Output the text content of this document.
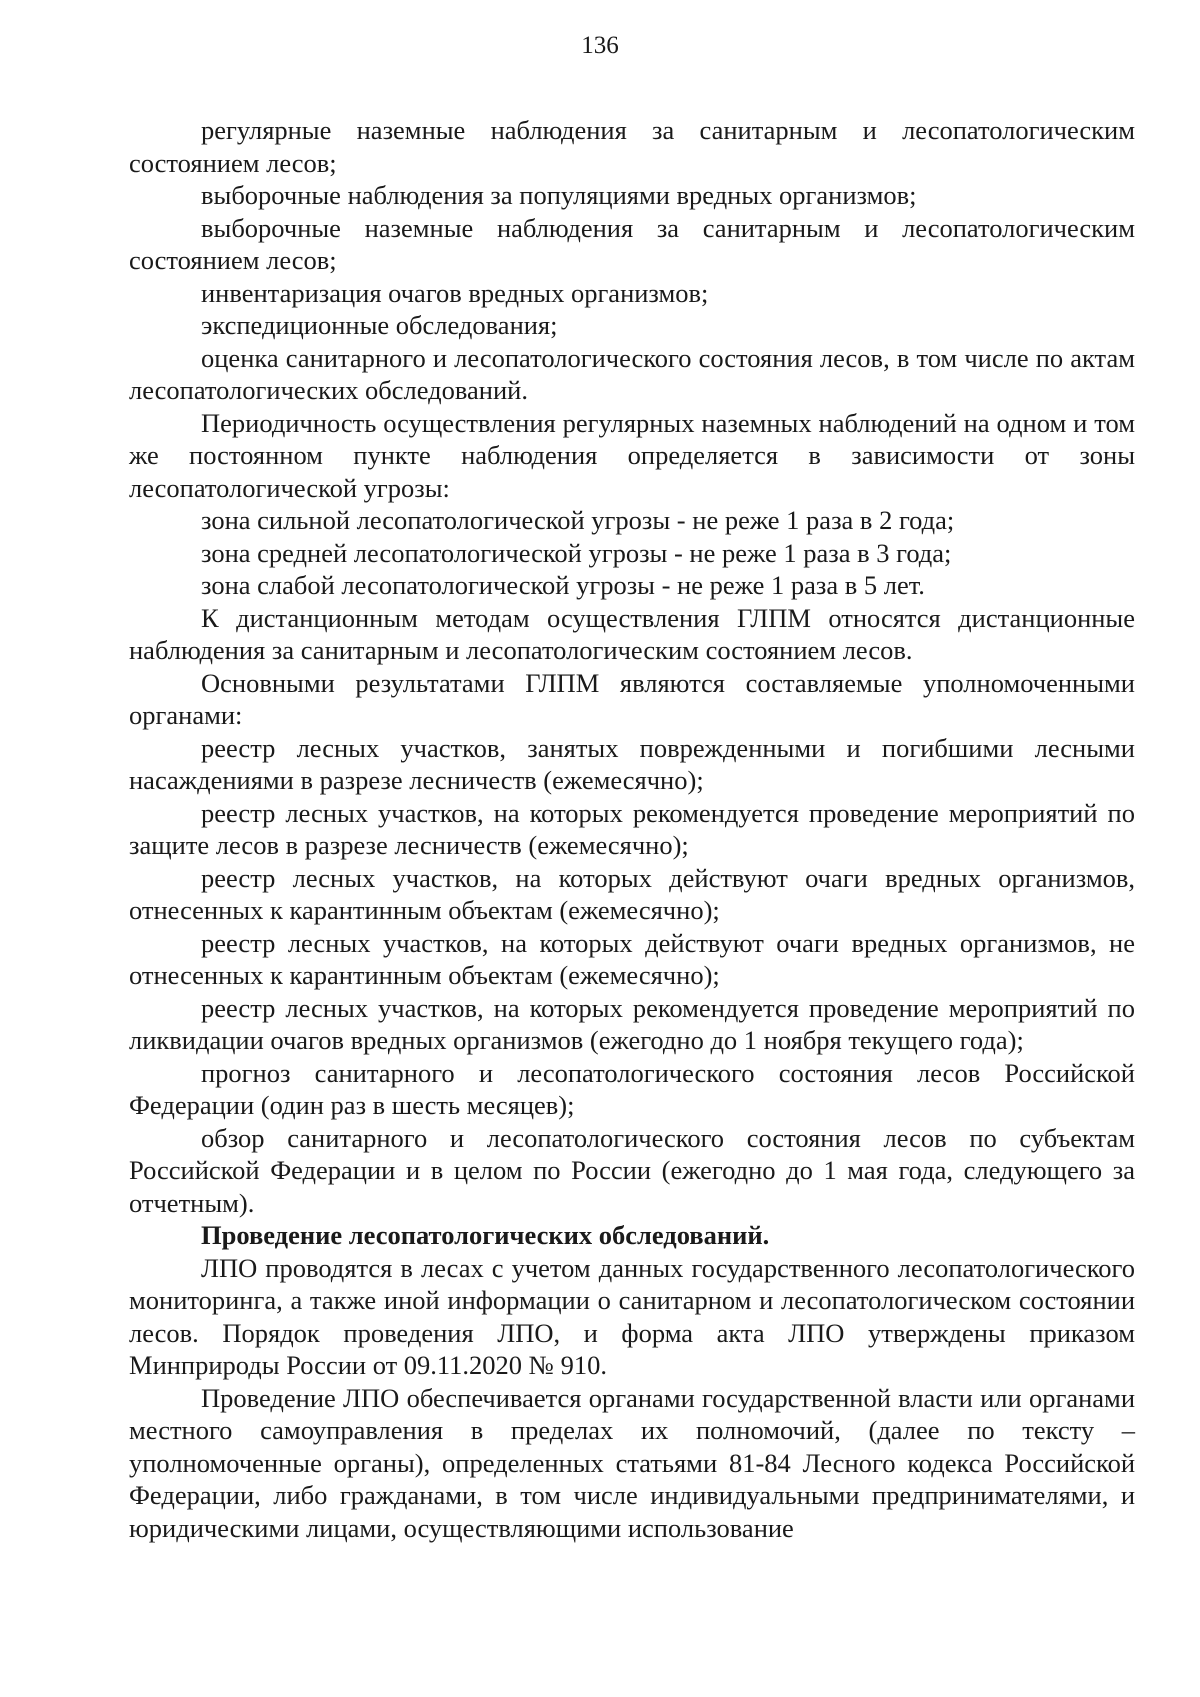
136

регулярные наземные наблюдения за санитарным и лесопатологическим состоянием лесов;

выборочные наблюдения за популяциями вредных организмов;

выборочные наземные наблюдения за санитарным и лесопатологическим состоянием лесов;

инвентаризация очагов вредных организмов;

экспедиционные обследования;

оценка санитарного и лесопатологического состояния лесов, в том числе по актам лесопатологических обследований.

Периодичность осуществления регулярных наземных наблюдений на одном и том же постоянном пункте наблюдения определяется в зависимости от зоны лесопатологической угрозы:

зона сильной лесопатологической угрозы - не реже 1 раза в 2 года;

зона средней лесопатологической угрозы - не реже 1 раза в 3 года;

зона слабой лесопатологической угрозы - не реже 1 раза в 5 лет.

К дистанционным методам осуществления ГЛПМ относятся дистанционные наблюдения за санитарным и лесопатологическим состоянием лесов.

Основными результатами ГЛПМ являются составляемые уполномоченными органами:

реестр лесных участков, занятых поврежденными и погибшими лесными насаждениями в разрезе лесничеств (ежемесячно);

реестр лесных участков, на которых рекомендуется проведение мероприятий по защите лесов в разрезе лесничеств (ежемесячно);

реестр лесных участков, на которых действуют очаги вредных организмов, отнесенных к карантинным объектам (ежемесячно);

реестр лесных участков, на которых действуют очаги вредных организмов, не отнесенных к карантинным объектам (ежемесячно);

реестр лесных участков, на которых рекомендуется проведение мероприятий по ликвидации очагов вредных организмов (ежегодно до 1 ноября текущего года);

прогноз санитарного и лесопатологического состояния лесов Российской Федерации (один раз в шесть месяцев);

обзор санитарного и лесопатологического состояния лесов по субъектам Российской Федерации и в целом по России (ежегодно до 1 мая года, следующего за отчетным).

Проведение лесопатологических обследований.

ЛПО проводятся в лесах с учетом данных государственного лесопатологического мониторинга, а также иной информации о санитарном и лесопатологическом состоянии лесов. Порядок проведения ЛПО, и форма акта ЛПО утверждены приказом Минприроды России от 09.11.2020 № 910.

Проведение ЛПО обеспечивается органами государственной власти или органами местного самоуправления в пределах их полномочий, (далее по тексту – уполномоченные органы), определенных статьями 81-84 Лесного кодекса Российской Федерации, либо гражданами, в том числе индивидуальными предпринимателями, и юридическими лицами, осуществляющими использование
